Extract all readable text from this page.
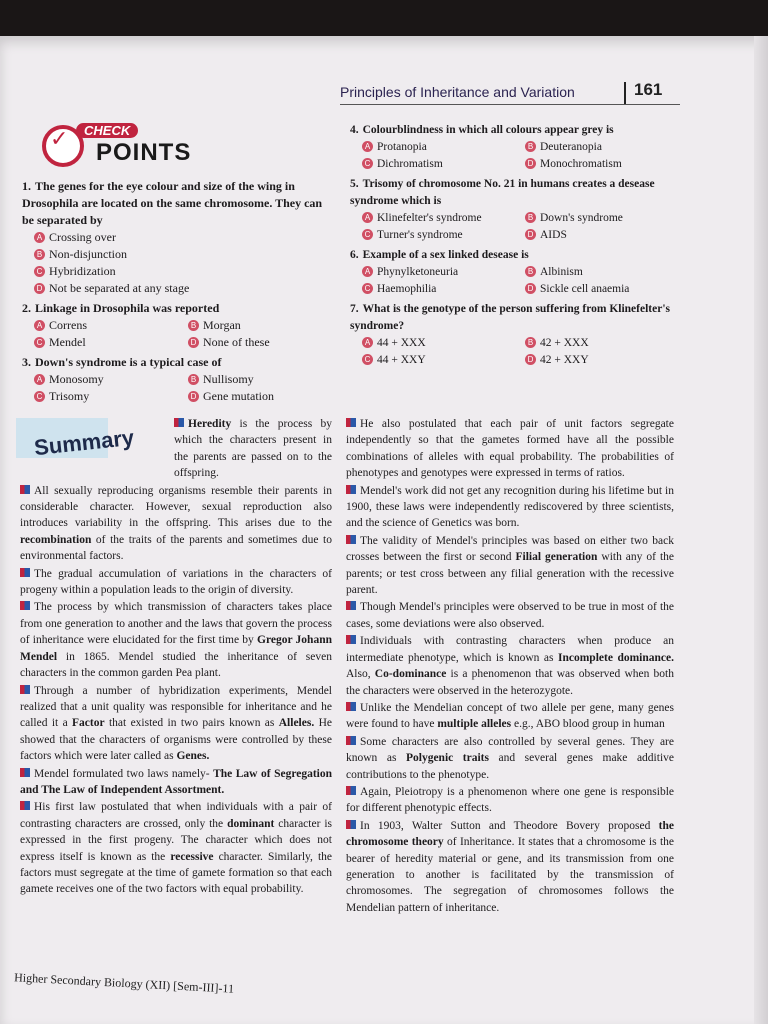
Principles of Inheritance and Variation	161
✓	CHECK
POINTS
1. The genes for the eye colour and size of the wing in Drosophila are located on the same chromosome. They can be separated by
A Crossing over
B Non-disjunction
C Hybridization
D Not be separated at any stage
2. Linkage in Drosophila was reported
A Correns	B Morgan
C Mendel	D None of these
3. Down's syndrome is a typical case of
A Monosomy	B Nullisomy
C Trisomy	D Gene mutation
4. Colourblindness in which all colours appear grey is
A Protanopia	B Deuteranopia
C Dichromatism	D Monochromatism
5. Trisomy of chromosome No. 21 in humans creates a desease syndrome which is
A Klinefelter's syndrome	B Down's syndrome
C Turner's syndrome	D AIDS
6. Example of a sex linked desease is
A Phynylketoneuria	B Albinism
C Haemophilia	D Sickle cell anaemia
7. What is the genotype of the person suffering from Klinefelter's syndrome?
A 44 + XXX	B 42 + XXX
C 44 + XXY	D 42 + XXY
Summary

Heredity is the process by which the characters present in the parents are passed on to the offspring.

All sexually reproducing organisms resemble their parents in considerable character. However, sexual reproduction also introduces variability in the offspring. This arises due to the recombination of the traits of the parents and sometimes due to environmental factors.

The gradual accumulation of variations in the characters of progeny within a population leads to the origin of diversity.

The process by which transmission of characters takes place from one generation to another and the laws that govern the process of inheritance were elucidated for the first time by Gregor Johann Mendel in 1865. Mendel studied the inheritance of seven characters in the common garden Pea plant.

Through a number of hybridization experiments, Mendel realized that a unit quality was responsible for inheritance and he called it a Factor that existed in two pairs known as Alleles. He showed that the characters of organisms were controlled by these factors which were later called as Genes.

Mendel formulated two laws namely- The Law of Segregation and The Law of Independent Assortment.

His first law postulated that when individuals with a pair of contrasting characters are crossed, only the dominant character is expressed in the first progeny. The character which does not express itself is known as the recessive character. Similarly, the factors must segregate at the time of gamete formation so that each gamete receives one of the two factors with equal probability.

He also postulated that each pair of unit factors segregate independently so that the gametes formed have all the possible combinations of alleles with equal probability. The probabilities of phenotypes and genotypes were expressed in terms of ratios.

Mendel's work did not get any recognition during his lifetime but in 1900, these laws were independently rediscovered by three scientists, and the science of Genetics was born.

The validity of Mendel's principles was based on either two back crosses between the first or second Filial generation with any of the parents; or test cross between any filial generation with the recessive parent.

Though Mendel's principles were observed to be true in most of the cases, some deviations were also observed.

Individuals with contrasting characters when produce an intermediate phenotype, which is known as Incomplete dominance. Also, Co-dominance is a phenomenon that was observed when both the characters were observed in the heterozygote.

Unlike the Mendelian concept of two allele per gene, many genes were found to have multiple alleles e.g., ABO blood group in human

Some characters are also controlled by several genes. They are known as Polygenic traits and several genes make additive contributions to the phenotype.

Again, Pleiotropy is a phenomenon where one gene is responsible for different phenotypic effects.

In 1903, Walter Sutton and Theodore Bovery proposed the chromosome theory of Inheritance. It states that a chromosome is the bearer of heredity material or gene, and its transmission from one generation to another is facilitated by the transmission of chromosomes. The segregation of chromosomes follows the Mendelian pattern of inheritance.

Higher Secondary Biology (XII) [Sem-III]-11
